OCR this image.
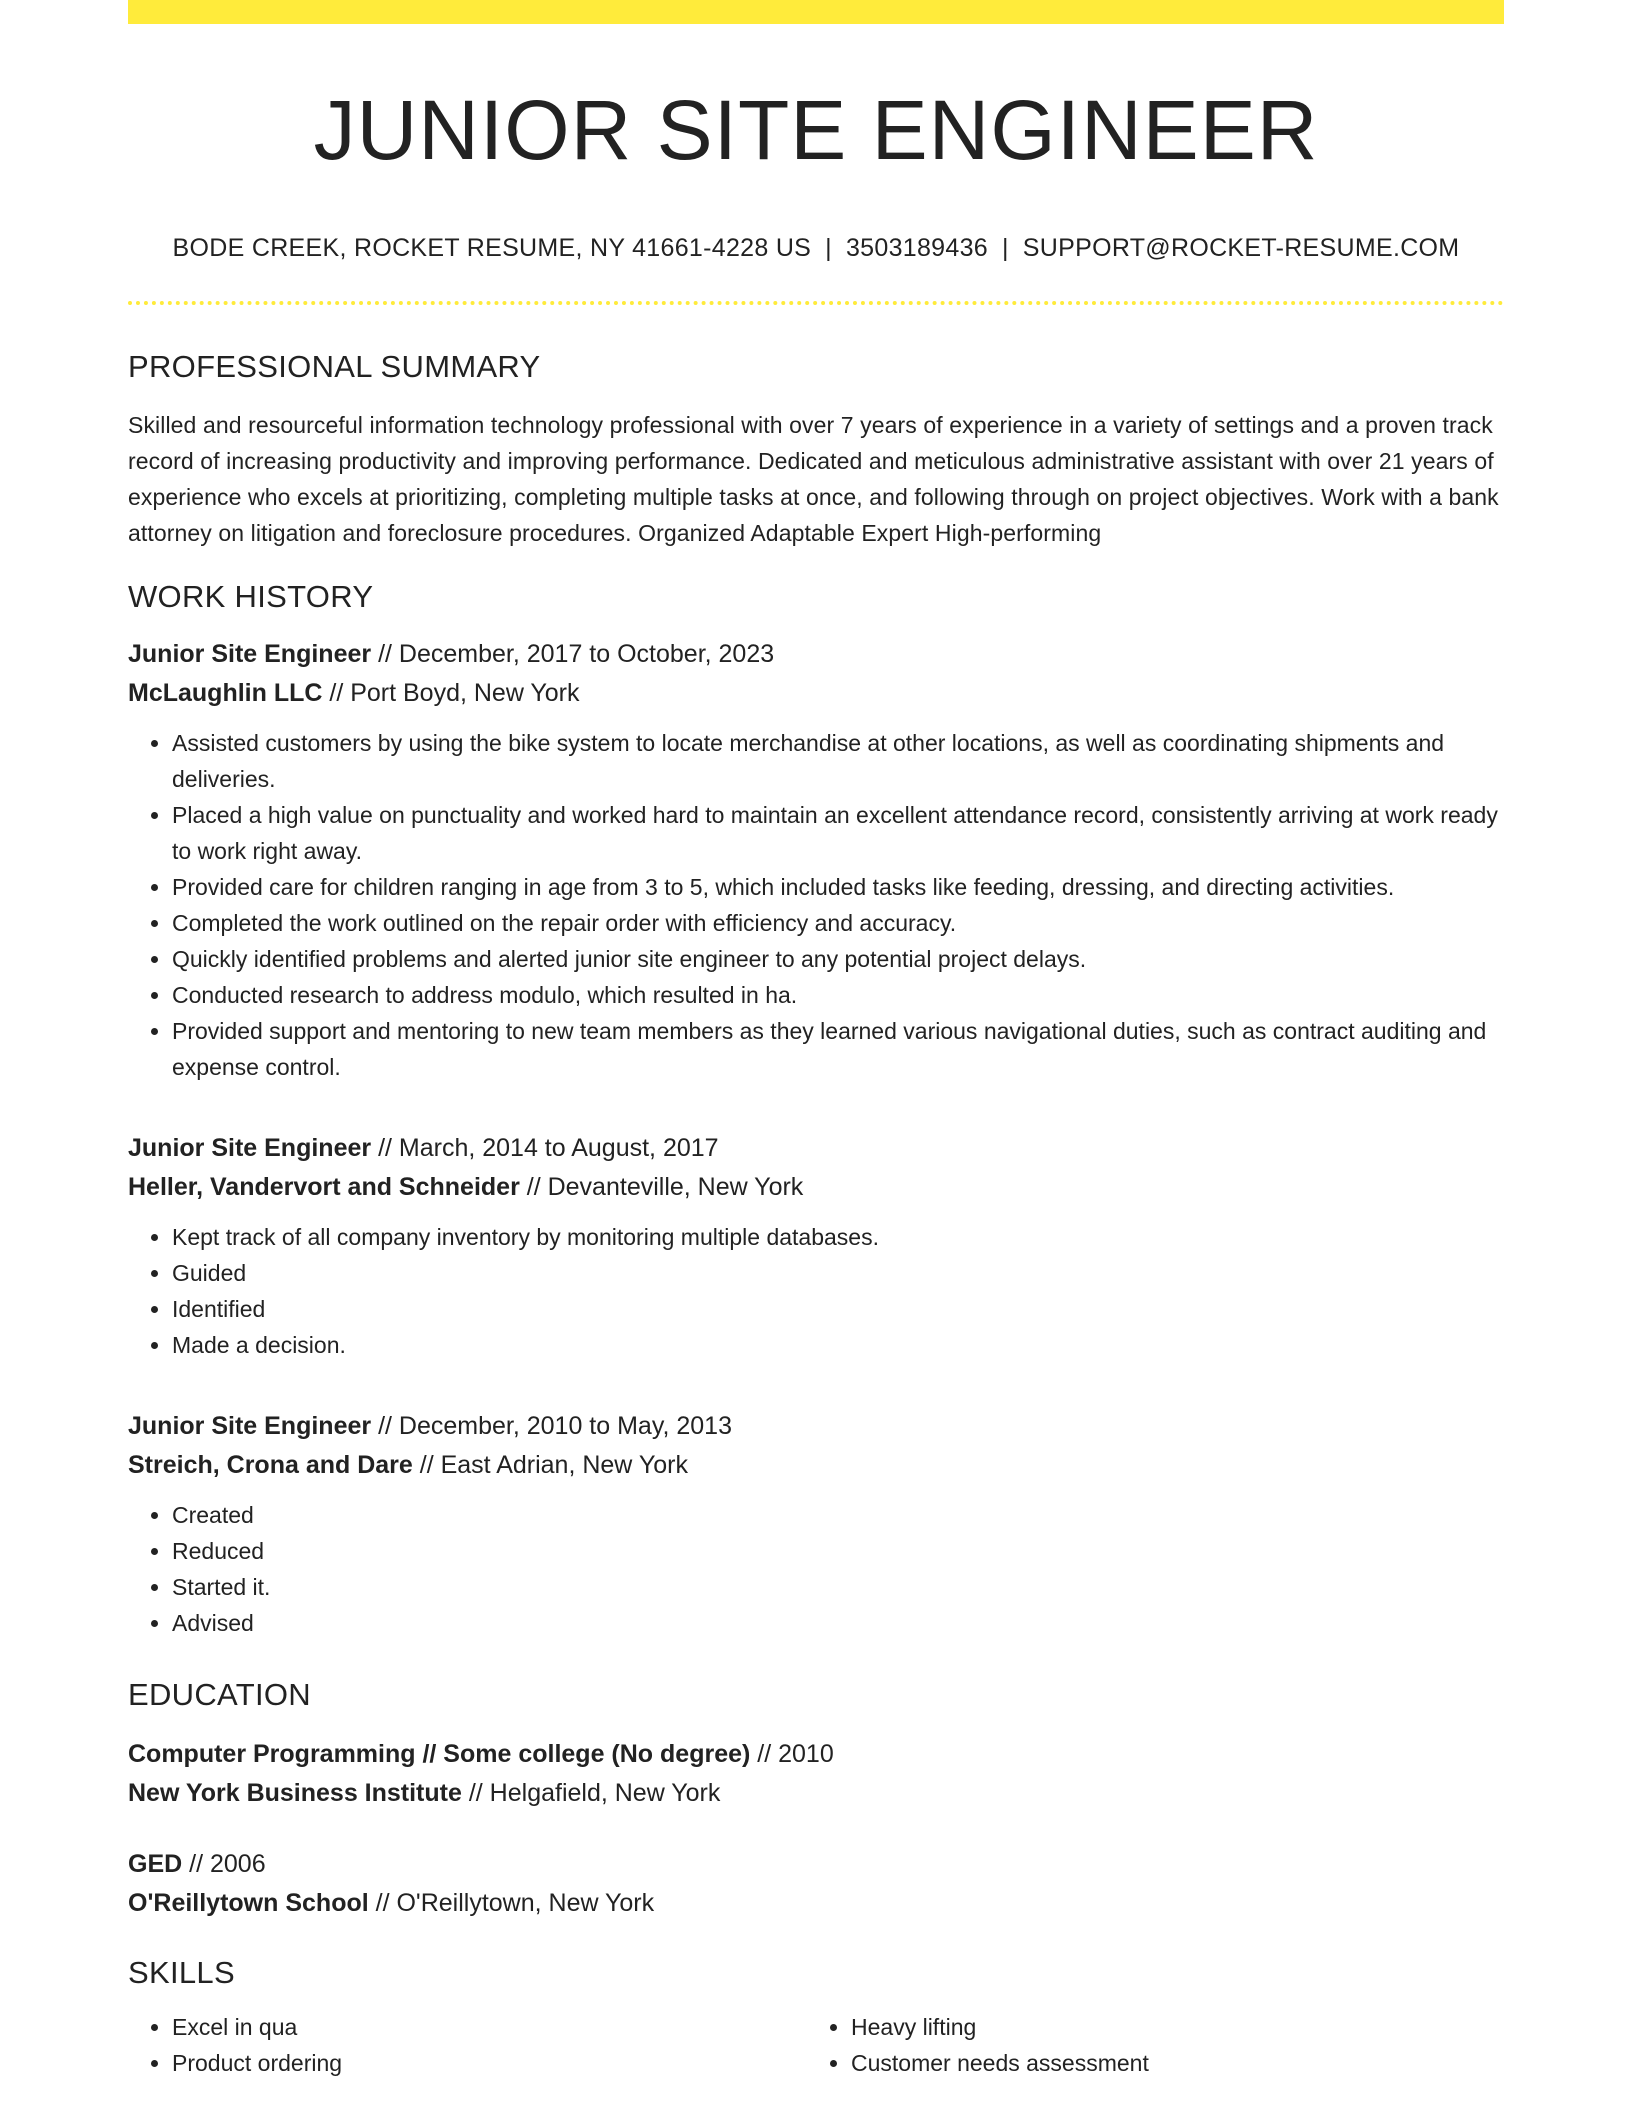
JUNIOR SITE ENGINEER
BODE CREEK, ROCKET RESUME, NY 41661-4228 US | 3503189436 | SUPPORT@ROCKET-RESUME.COM
PROFESSIONAL SUMMARY
Skilled and resourceful information technology professional with over 7 years of experience in a variety of settings and a proven track record of increasing productivity and improving performance. Dedicated and meticulous administrative assistant with over 21 years of experience who excels at prioritizing, completing multiple tasks at once, and following through on project objectives. Work with a bank attorney on litigation and foreclosure procedures. Organized Adaptable Expert High-performing
WORK HISTORY
Junior Site Engineer // December, 2017 to October, 2023
McLaughlin LLC // Port Boyd, New York
• Assisted customers by using the bike system to locate merchandise at other locations, as well as coordinating shipments and deliveries.
• Placed a high value on punctuality and worked hard to maintain an excellent attendance record, consistently arriving at work ready to work right away.
• Provided care for children ranging in age from 3 to 5, which included tasks like feeding, dressing, and directing activities.
• Completed the work outlined on the repair order with efficiency and accuracy.
• Quickly identified problems and alerted junior site engineer to any potential project delays.
• Conducted research to address modulo, which resulted in ha.
• Provided support and mentoring to new team members as they learned various navigational duties, such as contract auditing and expense control.
Junior Site Engineer // March, 2014 to August, 2017
Heller, Vandervort and Schneider // Devanteville, New York
• Kept track of all company inventory by monitoring multiple databases.
• Guided
• Identified
• Made a decision.
Junior Site Engineer // December, 2010 to May, 2013
Streich, Crona and Dare // East Adrian, New York
• Created
• Reduced
• Started it.
• Advised
EDUCATION
Computer Programming // Some college (No degree) // 2010
New York Business Institute // Helgafield, New York
GED // 2006
O'Reillytown School // O'Reillytown, New York
SKILLS
• Excel in qua
• Product ordering
• Heavy lifting
• Customer needs assessment
